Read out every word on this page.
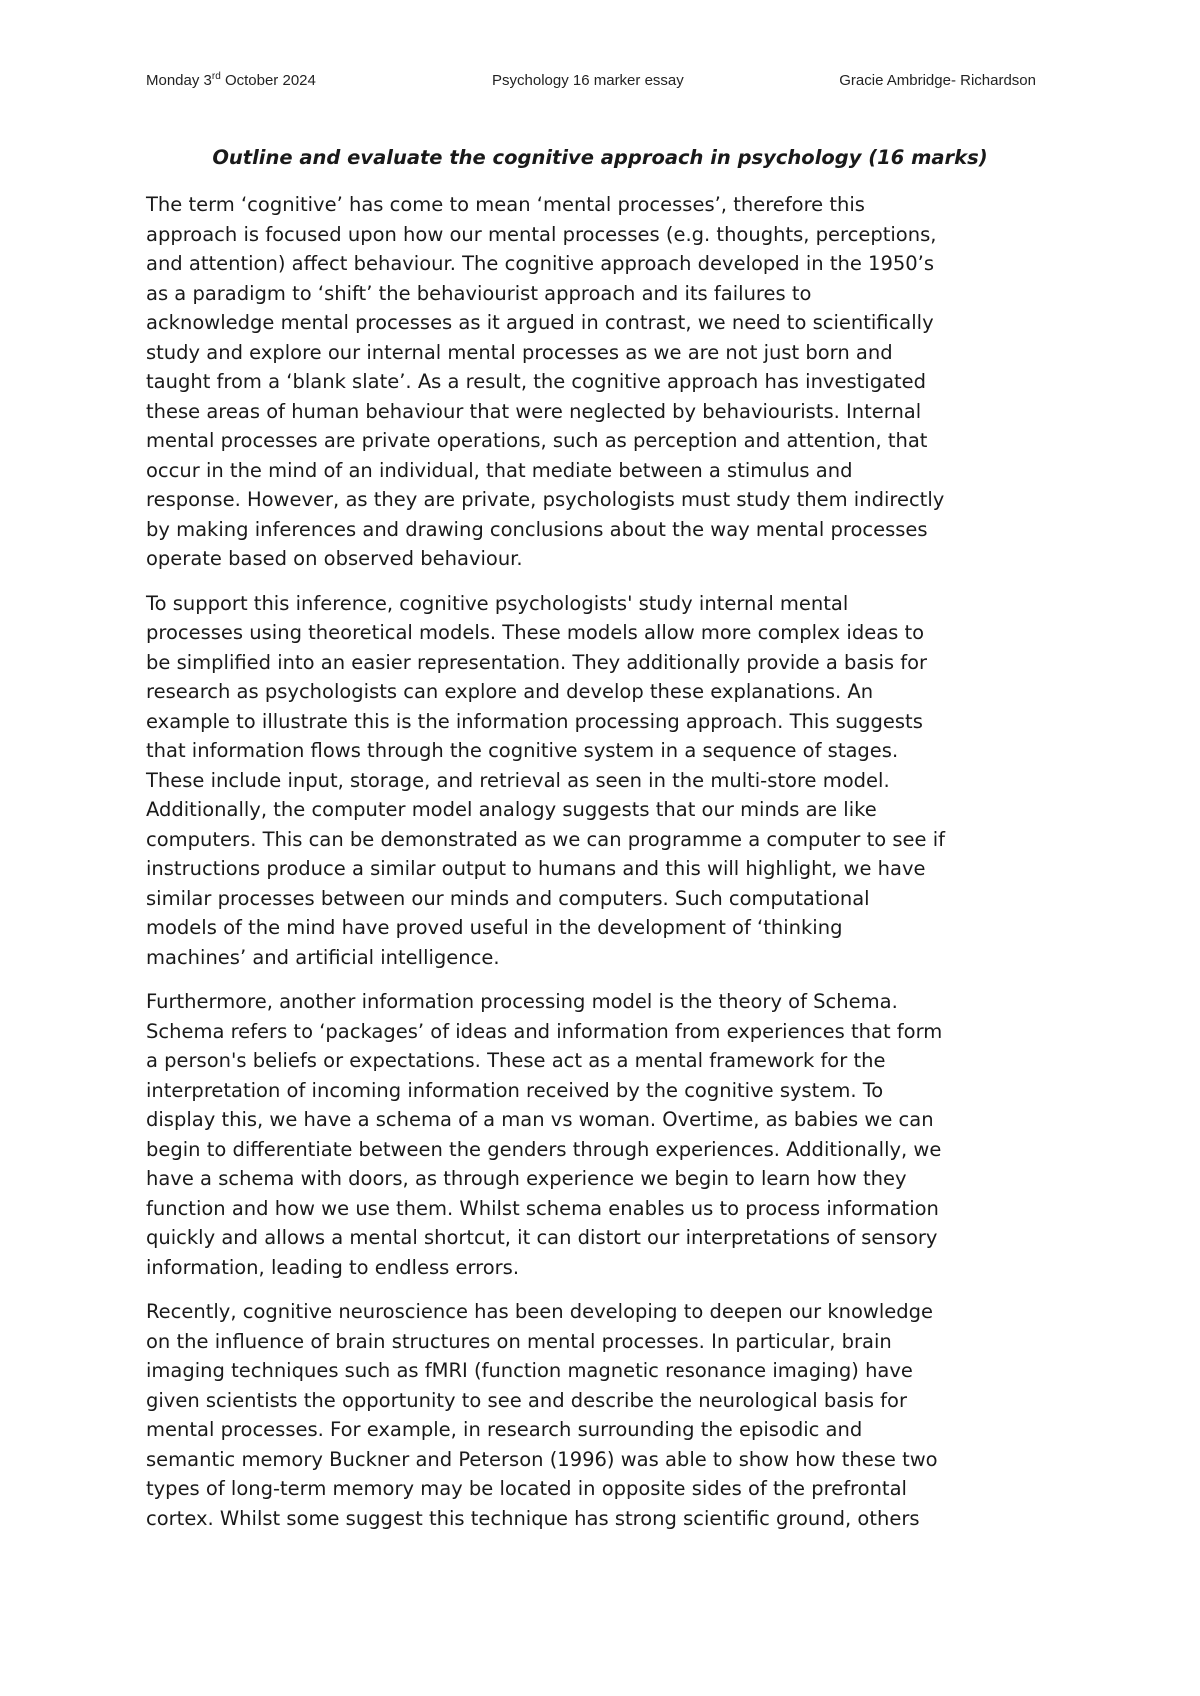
Monday 3rd October 2024	Psychology 16 marker essay	Gracie Ambridge- Richardson
Outline and evaluate the cognitive approach in psychology (16 marks)
The term ‘cognitive’ has come to mean ‘mental processes’, therefore this
approach is focused upon how our mental processes (e.g. thoughts, perceptions,
and attention) affect behaviour. The cognitive approach developed in the 1950’s
as a paradigm to ‘shift’ the behaviourist approach and its failures to
acknowledge mental processes as it argued in contrast, we need to scientifically
study and explore our internal mental processes as we are not just born and
taught from a ‘blank slate’. As a result, the cognitive approach has investigated
these areas of human behaviour that were neglected by behaviourists. Internal
mental processes are private operations, such as perception and attention, that
occur in the mind of an individual, that mediate between a stimulus and
response. However, as they are private, psychologists must study them indirectly
by making inferences and drawing conclusions about the way mental processes
operate based on observed behaviour.
To support this inference, cognitive psychologists' study internal mental
processes using theoretical models. These models allow more complex ideas to
be simplified into an easier representation. They additionally provide a basis for
research as psychologists can explore and develop these explanations. An
example to illustrate this is the information processing approach. This suggests
that information flows through the cognitive system in a sequence of stages.
These include input, storage, and retrieval as seen in the multi-store model.
Additionally, the computer model analogy suggests that our minds are like
computers. This can be demonstrated as we can programme a computer to see if
instructions produce a similar output to humans and this will highlight, we have
similar processes between our minds and computers. Such computational
models of the mind have proved useful in the development of ‘thinking
machines’ and artificial intelligence.
Furthermore, another information processing model is the theory of Schema.
Schema refers to ‘packages’ of ideas and information from experiences that form
a person's beliefs or expectations. These act as a mental framework for the
interpretation of incoming information received by the cognitive system. To
display this, we have a schema of a man vs woman. Overtime, as babies we can
begin to differentiate between the genders through experiences. Additionally, we
have a schema with doors, as through experience we begin to learn how they
function and how we use them. Whilst schema enables us to process information
quickly and allows a mental shortcut, it can distort our interpretations of sensory
information, leading to endless errors.
Recently, cognitive neuroscience has been developing to deepen our knowledge
on the influence of brain structures on mental processes. In particular, brain
imaging techniques such as fMRI (function magnetic resonance imaging) have
given scientists the opportunity to see and describe the neurological basis for
mental processes. For example, in research surrounding the episodic and
semantic memory Buckner and Peterson (1996) was able to show how these two
types of long-term memory may be located in opposite sides of the prefrontal
cortex. Whilst some suggest this technique has strong scientific ground, others
